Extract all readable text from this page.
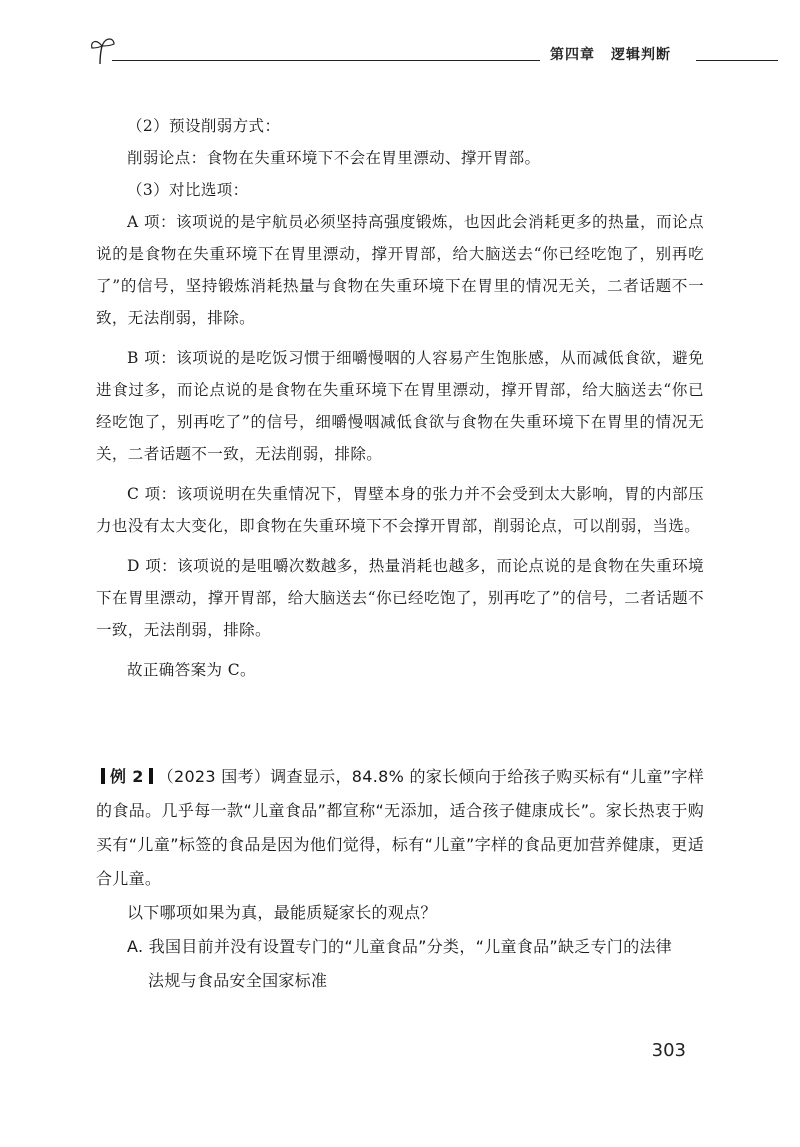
第四章 逻辑判断

（2）预设削弱方式：

削弱论点：食物在失重环境下不会在胃里漂动、撑开胃部。

（3）对比选项：

A 项：该项说的是宇航员必须坚持高强度锻炼，也因此会消耗更多的热量，而论点说的是食物在失重环境下在胃里漂动，撑开胃部，给大脑送去“你已经吃饱了，别再吃了”的信号，坚持锻炼消耗热量与食物在失重环境下在胃里的情况无关，二者话题不一致，无法削弱，排除。

B 项：该项说的是吃饭习惯于细嚼慢咽的人容易产生饱胀感，从而减低食欲，避免进食过多，而论点说的是食物在失重环境下在胃里漂动，撑开胃部，给大脑送去“你已经吃饱了，别再吃了”的信号，细嚼慢咽减低食欲与食物在失重环境下在胃里的情况无关，二者话题不一致，无法削弱，排除。

C 项：该项说明在失重情况下，胃壁本身的张力并不会受到太大影响，胃的内部压力也没有太大变化，即食物在失重环境下不会撑开胃部，削弱论点，可以削弱，当选。

D 项：该项说的是咀嚼次数越多，热量消耗也越多，而论点说的是食物在失重环境下在胃里漂动，撑开胃部，给大脑送去“你已经吃饱了，别再吃了”的信号，二者话题不一致，无法削弱，排除。

故正确答案为 C。

例 2 （2023 国考）调查显示，84.8% 的家长倾向于给孩子购买标有“儿童”字样的食品。几乎每一款“儿童食品”都宣称“无添加，适合孩子健康成长”。家长热衷于购买有“儿童”标签的食品是因为他们觉得，标有“儿童”字样的食品更加营养健康，更适合儿童。

以下哪项如果为真，最能质疑家长的观点？

A. 我国目前并没有设置专门的“儿童食品”分类，“儿童食品”缺乏专门的法律

法规与食品安全国家标准

303
